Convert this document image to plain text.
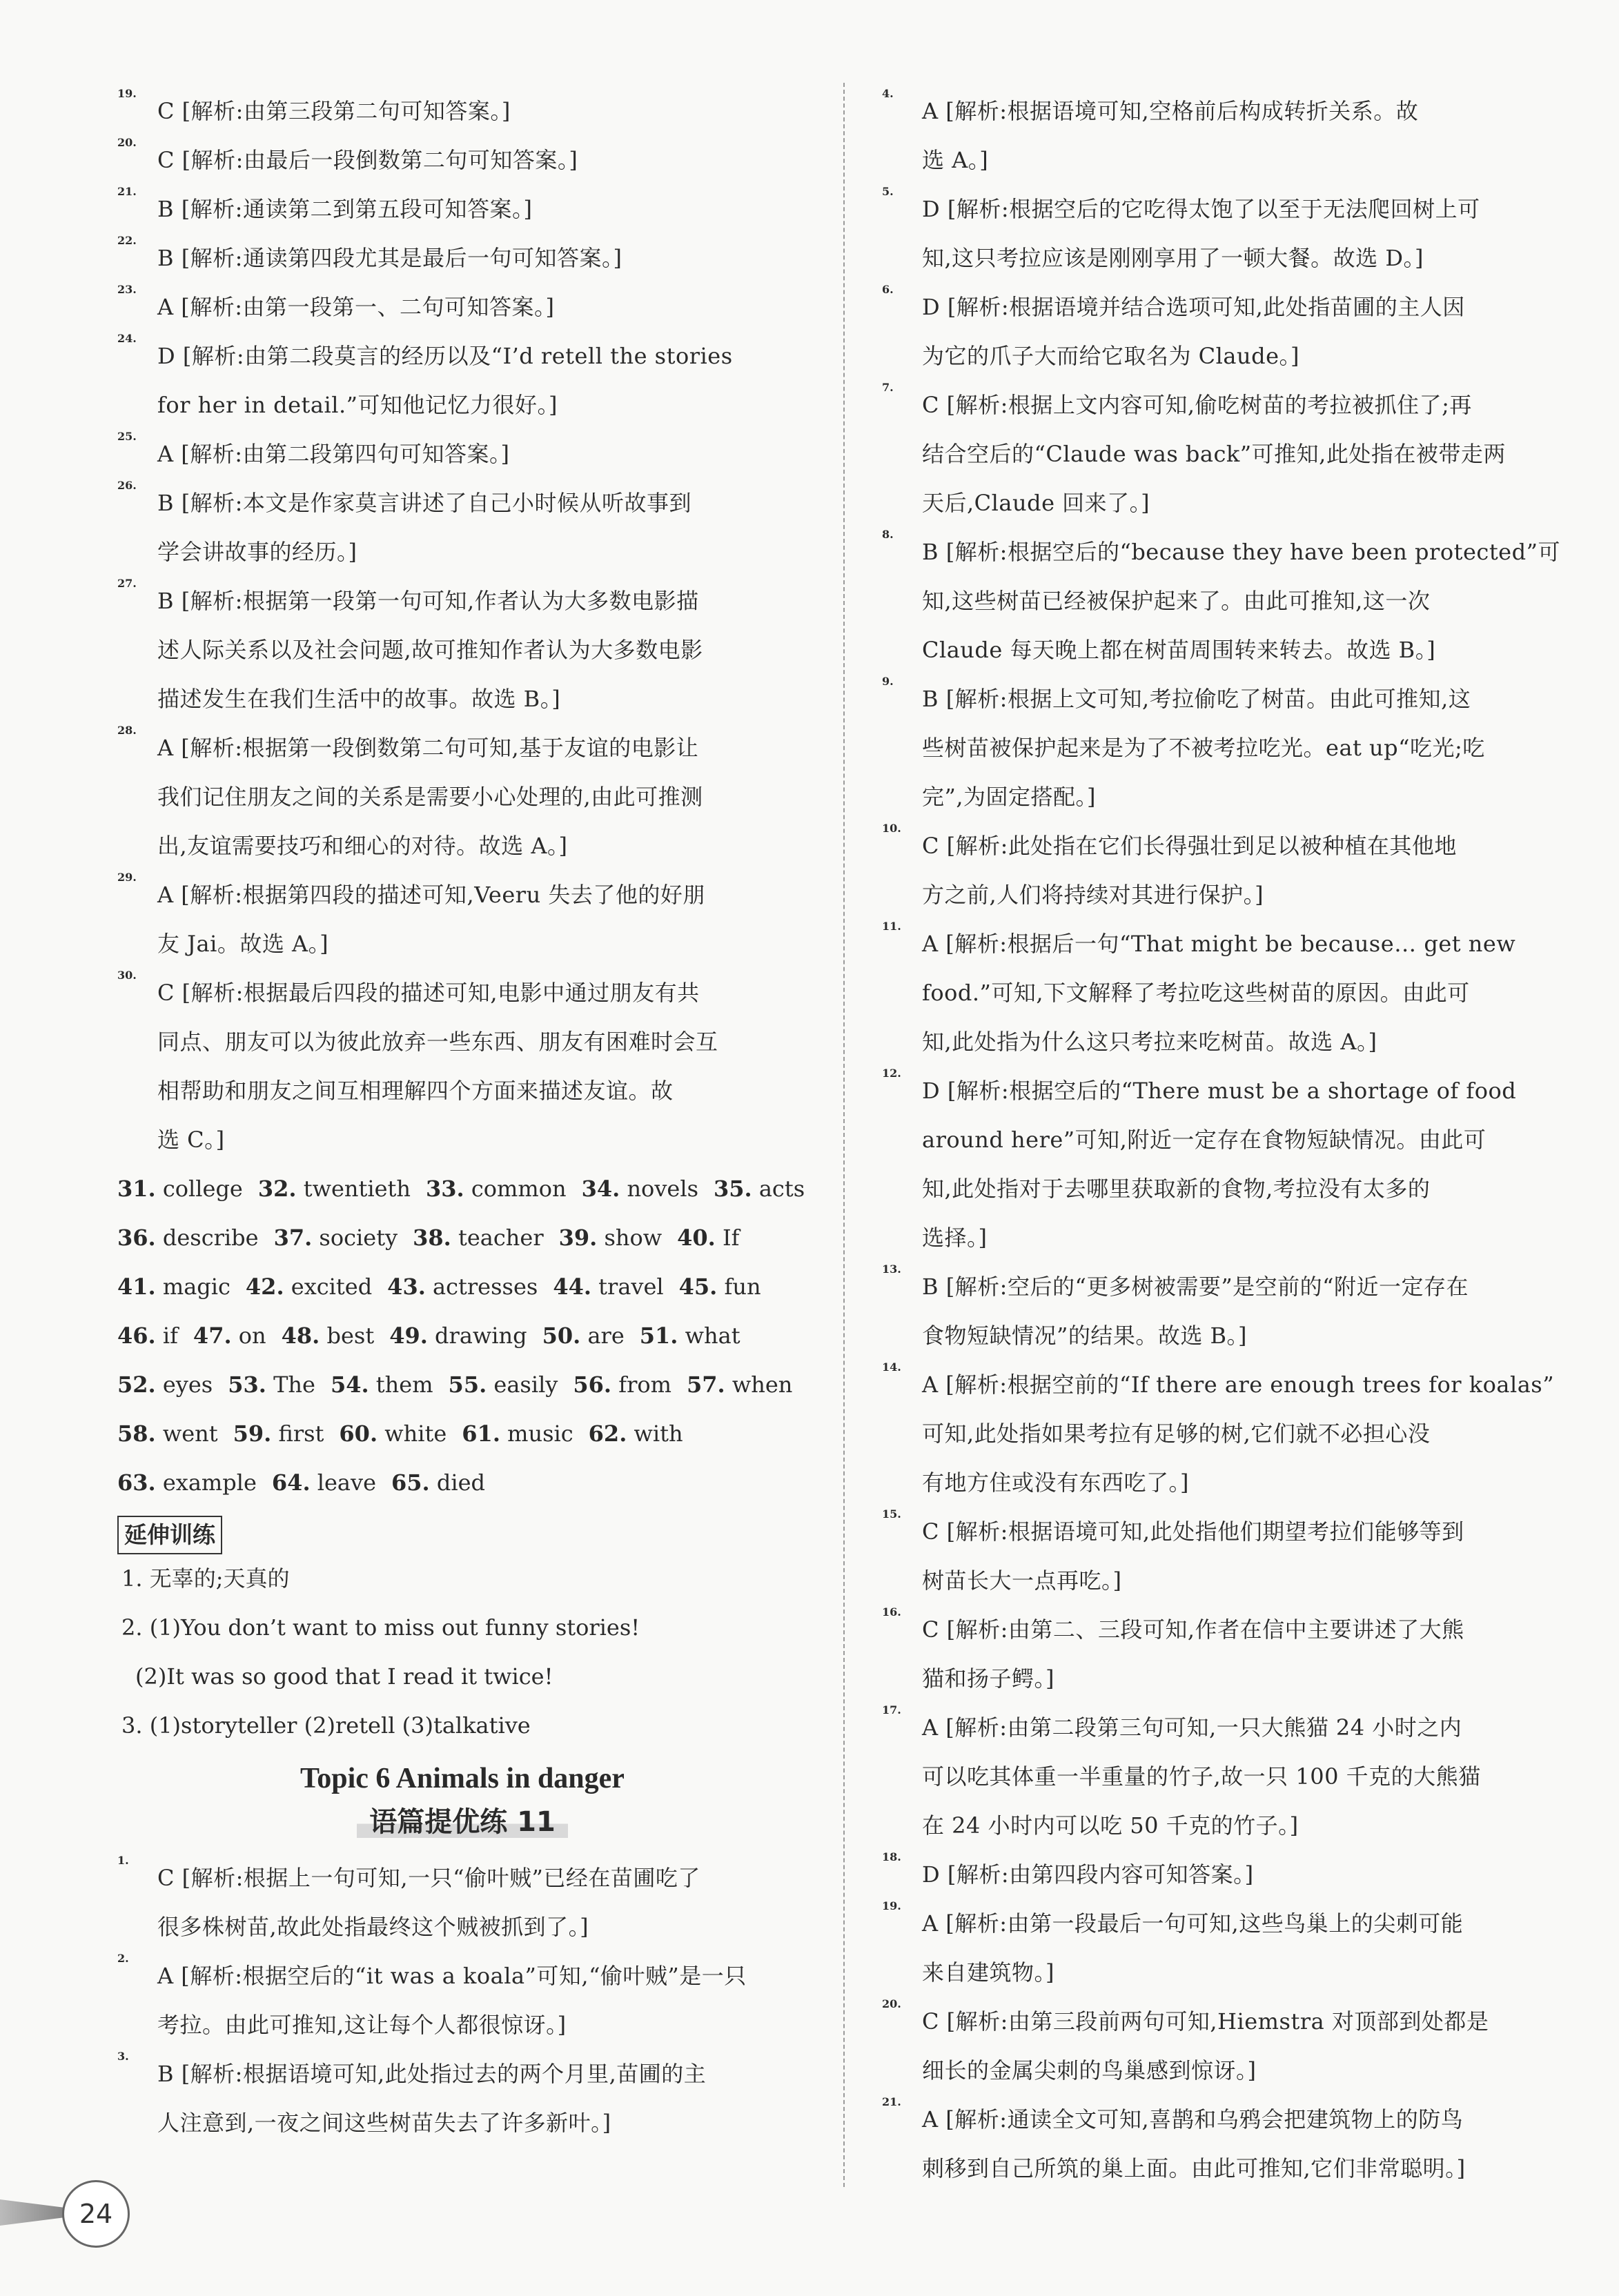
19.
C [解析:由第三段第二句可知答案。]
20.
C [解析:由最后一段倒数第二句可知答案。]
21.
B [解析:通读第二到第五段可知答案。]
22.
B [解析:通读第四段尤其是最后一句可知答案。]
23.
A [解析:由第一段第一、二句可知答案。]
24.
D [解析:由第二段莫言的经历以及“I’d retell the stories
for her in detail.”可知他记忆力很好。]
25.
A [解析:由第二段第四句可知答案。]
26.
B [解析:本文是作家莫言讲述了自己小时候从听故事到
学会讲故事的经历。]
27.
B [解析:根据第一段第一句可知,作者认为大多数电影描
述人际关系以及社会问题,故可推知作者认为大多数电影
描述发生在我们生活中的故事。故选 B。]
28.
A [解析:根据第一段倒数第二句可知,基于友谊的电影让
我们记住朋友之间的关系是需要小心处理的,由此可推测
出,友谊需要技巧和细心的对待。故选 A。]
29.
A [解析:根据第四段的描述可知,Veeru 失去了他的好朋
友 Jai。故选 A。]
30.
C [解析:根据最后四段的描述可知,电影中通过朋友有共
同点、朋友可以为彼此放弃一些东西、朋友有困难时会互
相帮助和朋友之间互相理解四个方面来描述友谊。故
选 C。]
31. college 32. twentieth 33. common 34. novels 35. acts
36. describe 37. society 38. teacher 39. show 40. If
41. magic 42. excited 43. actresses 44. travel 45. fun
46. if 47. on 48. best 49. drawing 50. are 51. what
52. eyes 53. The 54. them 55. easily 56. from 57. when
58. went 59. first 60. white 61. music 62. with
63. example 64. leave 65. died
延伸训练
1. 无辜的;天真的
2. (1)You don’t want to miss out funny stories!
(2)It was so good that I read it twice!
3. (1)storyteller (2)retell (3)talkative
Topic 6 Animals in danger
语篇提优练 11
1.
C [解析:根据上一句可知,一只“偷叶贼”已经在苗圃吃了
很多株树苗,故此处指最终这个贼被抓到了。]
2.
A [解析:根据空后的“it was a koala”可知,“偷叶贼”是一只
考拉。由此可推知,这让每个人都很惊讶。]
3.
B [解析:根据语境可知,此处指过去的两个月里,苗圃的主
人注意到,一夜之间这些树苗失去了许多新叶。]
4.
A [解析:根据语境可知,空格前后构成转折关系。故
选 A。]
5.
D [解析:根据空后的它吃得太饱了以至于无法爬回树上可
知,这只考拉应该是刚刚享用了一顿大餐。故选 D。]
6.
D [解析:根据语境并结合选项可知,此处指苗圃的主人因
为它的爪子大而给它取名为 Claude。]
7.
C [解析:根据上文内容可知,偷吃树苗的考拉被抓住了;再
结合空后的“Claude was back”可推知,此处指在被带走两
天后,Claude 回来了。]
8.
B [解析:根据空后的“because they have been protected”可
知,这些树苗已经被保护起来了。由此可推知,这一次
Claude 每天晚上都在树苗周围转来转去。故选 B。]
9.
B [解析:根据上文可知,考拉偷吃了树苗。由此可推知,这
些树苗被保护起来是为了不被考拉吃光。eat up“吃光;吃
完”,为固定搭配。]
10.
C [解析:此处指在它们长得强壮到足以被种植在其他地
方之前,人们将持续对其进行保护。]
11.
A [解析:根据后一句“That might be because… get new
food.”可知,下文解释了考拉吃这些树苗的原因。由此可
知,此处指为什么这只考拉来吃树苗。故选 A。]
12.
D [解析:根据空后的“There must be a shortage of food
around here”可知,附近一定存在食物短缺情况。由此可
知,此处指对于去哪里获取新的食物,考拉没有太多的
选择。]
13.
B [解析:空后的“更多树被需要”是空前的“附近一定存在
食物短缺情况”的结果。故选 B。]
14.
A [解析:根据空前的“If there are enough trees for koalas”
可知,此处指如果考拉有足够的树,它们就不必担心没
有地方住或没有东西吃了。]
15.
C [解析:根据语境可知,此处指他们期望考拉们能够等到
树苗长大一点再吃。]
16.
C [解析:由第二、三段可知,作者在信中主要讲述了大熊
猫和扬子鳄。]
17.
A [解析:由第二段第三句可知,一只大熊猫 24 小时之内
可以吃其体重一半重量的竹子,故一只 100 千克的大熊猫
在 24 小时内可以吃 50 千克的竹子。]
18.
D [解析:由第四段内容可知答案。]
19.
A [解析:由第一段最后一句可知,这些鸟巢上的尖刺可能
来自建筑物。]
20.
C [解析:由第三段前两句可知,Hiemstra 对顶部到处都是
细长的金属尖刺的鸟巢感到惊讶。]
21.
A [解析:通读全文可知,喜鹊和乌鸦会把建筑物上的防鸟
刺移到自己所筑的巢上面。由此可推知,它们非常聪明。]
24
